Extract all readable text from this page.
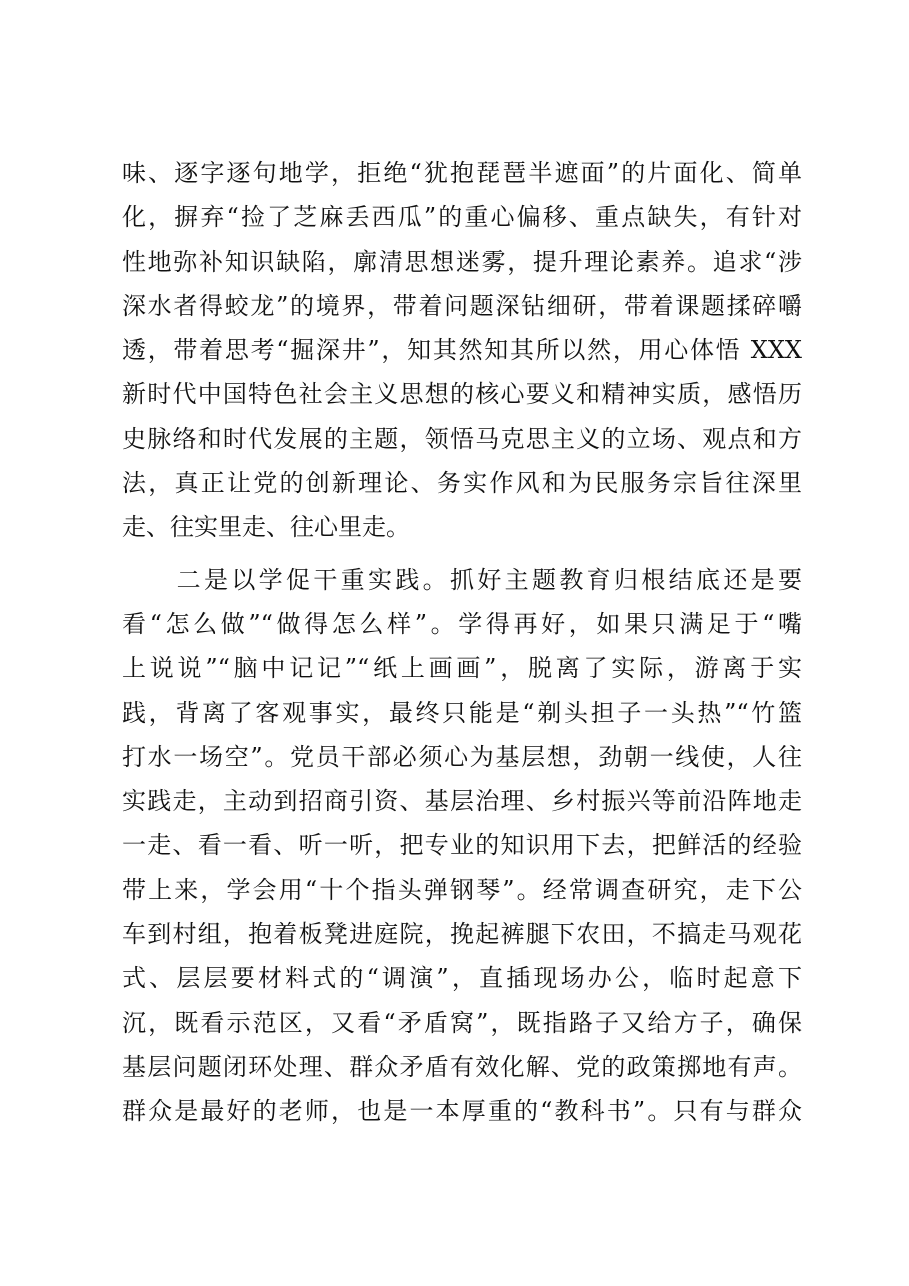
味、逐字逐句地学，拒绝“犹抱琵琶半遮面”的片面化、简单
化，摒弃“捡了芝麻丢西瓜”的重心偏移、重点缺失，有针对
性地弥补知识缺陷，廓清思想迷雾，提升理论素养。追求“涉
深水者得蛟龙”的境界，带着问题深钻细研，带着课题揉碎嚼
透，带着思考“掘深井”，知其然知其所以然，用心体悟 XXX
新时代中国特色社会主义思想的核心要义和精神实质，感悟历
史脉络和时代发展的主题，领悟马克思主义的立场、观点和方
法，真正让党的创新理论、务实作风和为民服务宗旨往深里
走、往实里走、往心里走。
　　二是以学促干重实践。抓好主题教育归根结底还是要
看“怎么做”“做得怎么样”。学得再好，如果只满足于“嘴
上说说”“脑中记记”“纸上画画”，脱离了实际，游离于实
践，背离了客观事实，最终只能是“剃头担子一头热”“竹篮
打水一场空”。党员干部必须心为基层想，劲朝一线使，人往
实践走，主动到招商引资、基层治理、乡村振兴等前沿阵地走
一走、看一看、听一听，把专业的知识用下去，把鲜活的经验
带上来，学会用“十个指头弹钢琴”。经常调查研究，走下公
车到村组，抱着板凳进庭院，挽起裤腿下农田，不搞走马观花
式、层层要材料式的“调演”，直插现场办公，临时起意下
沉，既看示范区，又看“矛盾窝”，既指路子又给方子，确保
基层问题闭环处理、群众矛盾有效化解、党的政策掷地有声。
群众是最好的老师，也是一本厚重的“教科书”。只有与群众
